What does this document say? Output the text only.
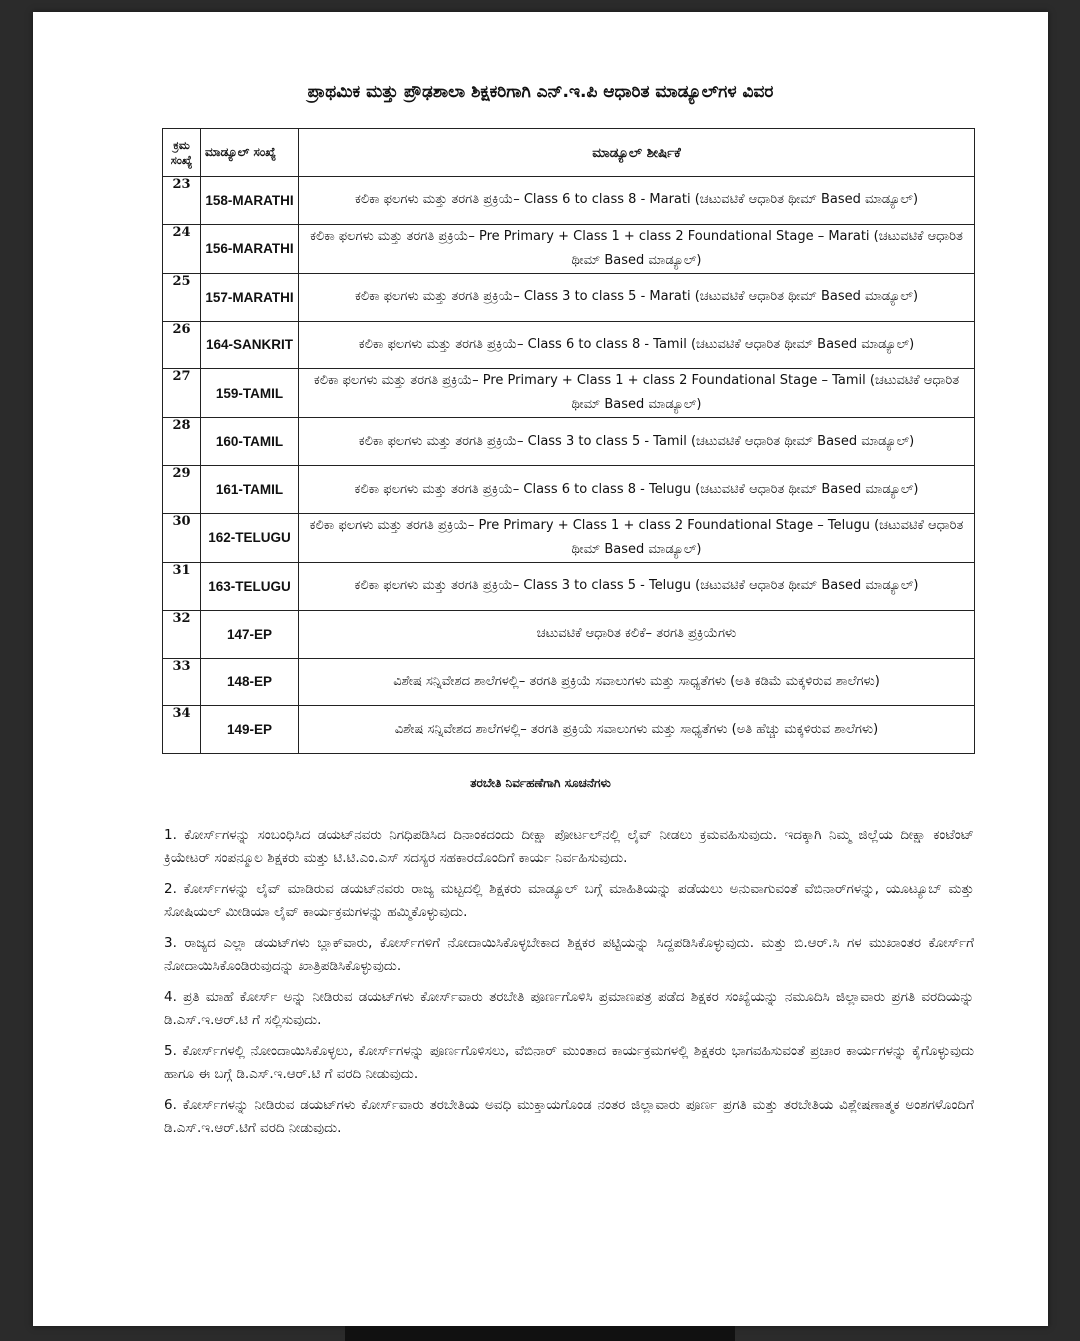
ಪ್ರಾಥಮಿಕ ಮತ್ತು ಪ್ರೌಢಶಾಲಾ ಶಿಕ್ಷಕರಿಗಾಗಿ ಎನ್.ಇ.ಪಿ ಆಧಾರಿತ ಮಾಡ್ಯೂಲ್‌ಗಳ ವಿವರ
ಕ್ರಮ ಸಂಖ್ಯೆ	ಮಾಡ್ಯೂಲ್ ಸಂಖ್ಯೆ	ಮಾಡ್ಯೂಲ್ ಶೀರ್ಷಿಕೆ
23	158-MARATHI	ಕಲಿಕಾ ಫಲಗಳು ಮತ್ತು ತರಗತಿ ಪ್ರಕ್ರಿಯೆ– Class 6 to class 8 - Marati (ಚಟುವಟಿಕೆ ಆಧಾರಿತ ಥೀಮ್ Based ಮಾಡ್ಯೂಲ್)
24	156-MARATHI	ಕಲಿಕಾ ಫಲಗಳು ಮತ್ತು ತರಗತಿ ಪ್ರಕ್ರಿಯೆ– Pre Primary + Class 1 + class 2 Foundational Stage – Marati (ಚಟುವಟಿಕೆ ಆಧಾರಿತ ಥೀಮ್ Based ಮಾಡ್ಯೂಲ್)
25	157-MARATHI	ಕಲಿಕಾ ಫಲಗಳು ಮತ್ತು ತರಗತಿ ಪ್ರಕ್ರಿಯೆ– Class 3 to class 5 - Marati (ಚಟುವಟಿಕೆ ಆಧಾರಿತ ಥೀಮ್ Based ಮಾಡ್ಯೂಲ್)
26	164-SANKRIT	ಕಲಿಕಾ ಫಲಗಳು ಮತ್ತು ತರಗತಿ ಪ್ರಕ್ರಿಯೆ– Class 6 to class 8 - Tamil (ಚಟುವಟಿಕೆ ಆಧಾರಿತ ಥೀಮ್ Based ಮಾಡ್ಯೂಲ್)
27	159-TAMIL	ಕಲಿಕಾ ಫಲಗಳು ಮತ್ತು ತರಗತಿ ಪ್ರಕ್ರಿಯೆ– Pre Primary + Class 1 + class 2 Foundational Stage – Tamil (ಚಟುವಟಿಕೆ ಆಧಾರಿತ ಥೀಮ್ Based ಮಾಡ್ಯೂಲ್)
28	160-TAMIL	ಕಲಿಕಾ ಫಲಗಳು ಮತ್ತು ತರಗತಿ ಪ್ರಕ್ರಿಯೆ– Class 3 to class 5 - Tamil (ಚಟುವಟಿಕೆ ಆಧಾರಿತ ಥೀಮ್ Based ಮಾಡ್ಯೂಲ್)
29	161-TAMIL	ಕಲಿಕಾ ಫಲಗಳು ಮತ್ತು ತರಗತಿ ಪ್ರಕ್ರಿಯೆ– Class 6 to class 8 - Telugu (ಚಟುವಟಿಕೆ ಆಧಾರಿತ ಥೀಮ್ Based ಮಾಡ್ಯೂಲ್)
30	162-TELUGU	ಕಲಿಕಾ ಫಲಗಳು ಮತ್ತು ತರಗತಿ ಪ್ರಕ್ರಿಯೆ– Pre Primary + Class 1 + class 2 Foundational Stage – Telugu (ಚಟುವಟಿಕೆ ಆಧಾರಿತ ಥೀಮ್ Based ಮಾಡ್ಯೂಲ್)
31	163-TELUGU	ಕಲಿಕಾ ಫಲಗಳು ಮತ್ತು ತರಗತಿ ಪ್ರಕ್ರಿಯೆ– Class 3 to class 5 - Telugu (ಚಟುವಟಿಕೆ ಆಧಾರಿತ ಥೀಮ್ Based ಮಾಡ್ಯೂಲ್)
32	147-EP	ಚಟುವಟಿಕೆ ಆಧಾರಿತ ಕಲಿಕೆ– ತರಗತಿ ಪ್ರಕ್ರಿಯೆಗಳು
33	148-EP	ವಿಶೇಷ ಸನ್ನಿವೇಶದ ಶಾಲೆಗಳಲ್ಲಿ– ತರಗತಿ ಪ್ರಕ್ರಿಯೆ ಸವಾಲುಗಳು ಮತ್ತು ಸಾಧ್ಯತೆಗಳು (ಅತಿ ಕಡಿಮೆ ಮಕ್ಕಳಿರುವ ಶಾಲೆಗಳು)
34	149-EP	ವಿಶೇಷ ಸನ್ನಿವೇಶದ ಶಾಲೆಗಳಲ್ಲಿ– ತರಗತಿ ಪ್ರಕ್ರಿಯೆ ಸವಾಲುಗಳು ಮತ್ತು ಸಾಧ್ಯತೆಗಳು (ಅತಿ ಹೆಚ್ಚು ಮಕ್ಕಳಿರುವ ಶಾಲೆಗಳು)
ತರಬೇತಿ ನಿರ್ವಹಣೆಗಾಗಿ ಸೂಚನೆಗಳು

1. ಕೋರ್ಸ್‌ಗಳನ್ನು ಸಂಬಂಧಿಸಿದ ಡಯಟ್‌ನವರು ನಿಗಧಿಪಡಿಸಿದ ದಿನಾಂಕದಂದು ದೀಕ್ಷಾ ಪೋರ್ಟಲ್‌ನಲ್ಲಿ ಲೈವ್ ನೀಡಲು ಕ್ರಮವಹಿಸುವುದು. ಇದಕ್ಕಾಗಿ ನಿಮ್ಮ ಜಿಲ್ಲೆಯ ದೀಕ್ಷಾ ಕಂಟೆಂಟ್ ಕ್ರಿಯೇಟರ್ ಸಂಪನ್ಮೂಲ ಶಿಕ್ಷಕರು ಮತ್ತು ಟಿ.ಟಿ.ಎಂ.ಎಸ್ ಸದಸ್ಯರ ಸಹಕಾರದೊಂದಿಗೆ ಕಾರ್ಯ ನಿರ್ವಹಿಸುವುದು.

2. ಕೋರ್ಸ್‌ಗಳನ್ನು ಲೈವ್ ಮಾಡಿರುವ ಡಯಟ್‌ನವರು ರಾಜ್ಯ ಮಟ್ಟದಲ್ಲಿ ಶಿಕ್ಷಕರು ಮಾಡ್ಯೂಲ್ ಬಗ್ಗೆ ಮಾಹಿತಿಯನ್ನು ಪಡೆಯಲು ಅನುವಾಗುವಂತೆ ವೆಬಿನಾರ್‌ಗಳನ್ನು, ಯೂಟ್ಯೂಬ್ ಮತ್ತು ಸೋಷಿಯಲ್ ಮೀಡಿಯಾ ಲೈವ್ ಕಾರ್ಯಕ್ರಮಗಳನ್ನು ಹಮ್ಮಿಕೊಳ್ಳುವುದು.

3. ರಾಜ್ಯದ ಎಲ್ಲಾ ಡಯಟ್‌ಗಳು ಬ್ಲಾಕ್‌ವಾರು, ಕೋರ್ಸ್‌ಗಳಿಗೆ ನೋದಾಯಿಸಿಕೊಳ್ಳಬೇಕಾದ ಶಿಕ್ಷಕರ ಪಟ್ಟಿಯನ್ನು ಸಿದ್ದಪಡಿಸಿಕೊಳ್ಳುವುದು. ಮತ್ತು ಬಿ.ಆರ್.ಸಿ ಗಳ ಮುಖಾಂತರ ಕೋರ್ಸ್‌ಗೆ ನೋದಾಯಿಸಿಕೊಂಡಿರುವುದನ್ನು ಖಾತ್ರಿಪಡಿಸಿಕೊಳ್ಳುವುದು.

4. ಪ್ರತಿ ಮಾಹೆ ಕೋರ್ಸ್ ಅನ್ನು ನೀಡಿರುವ ಡಯಟ್‌ಗಳು ಕೋರ್ಸ್‌ವಾರು ತರಬೇತಿ ಪೂರ್ಣಗೊಳಿಸಿ ಪ್ರಮಾಣಪತ್ರ ಪಡೆದ ಶಿಕ್ಷಕರ ಸಂಖ್ಯೆಯನ್ನು ನಮೂದಿಸಿ ಜಿಲ್ಲಾವಾರು ಪ್ರಗತಿ ವರದಿಯನ್ನು ಡಿ.ಎಸ್.ಇ.ಆರ್.ಟಿ ಗೆ ಸಲ್ಲಿಸುವುದು.

5. ಕೋರ್ಸ್‌ಗಳಲ್ಲಿ ನೋಂದಾಯಿಸಿಕೊಳ್ಳಲು, ಕೋರ್ಸ್‌ಗಳನ್ನು ಪೂರ್ಣಗೊಳಿಸಲು, ವೆಬಿನಾರ್ ಮುಂತಾದ ಕಾರ್ಯಕ್ರಮಗಳಲ್ಲಿ ಶಿಕ್ಷಕರು ಭಾಗವಹಿಸುವಂತೆ ಪ್ರಚಾರ ಕಾರ್ಯಗಳನ್ನು ಕೈಗೊಳ್ಳುವುದು ಹಾಗೂ ಈ ಬಗ್ಗೆ ಡಿ.ಎಸ್.ಇ.ಆರ್.ಟಿ ಗೆ ವರದಿ ನೀಡುವುದು.

6. ಕೋರ್ಸ್‌ಗಳನ್ನು ನೀಡಿರುವ ಡಯಟ್‌ಗಳು ಕೋರ್ಸ್‌ವಾರು ತರಬೇತಿಯ ಅವಧಿ ಮುಕ್ತಾಯಗೊಂಡ ನಂತರ ಜಿಲ್ಲಾವಾರು ಪೂರ್ಣ ಪ್ರಗತಿ ಮತ್ತು ತರಬೇತಿಯ ವಿಶ್ಲೇಷಣಾತ್ಮಕ ಅಂಶಗಳೊಂದಿಗೆ ಡಿ.ಎಸ್.ಇ.ಆರ್.ಟಿಗೆ ವರದಿ ನೀಡುವುದು.
